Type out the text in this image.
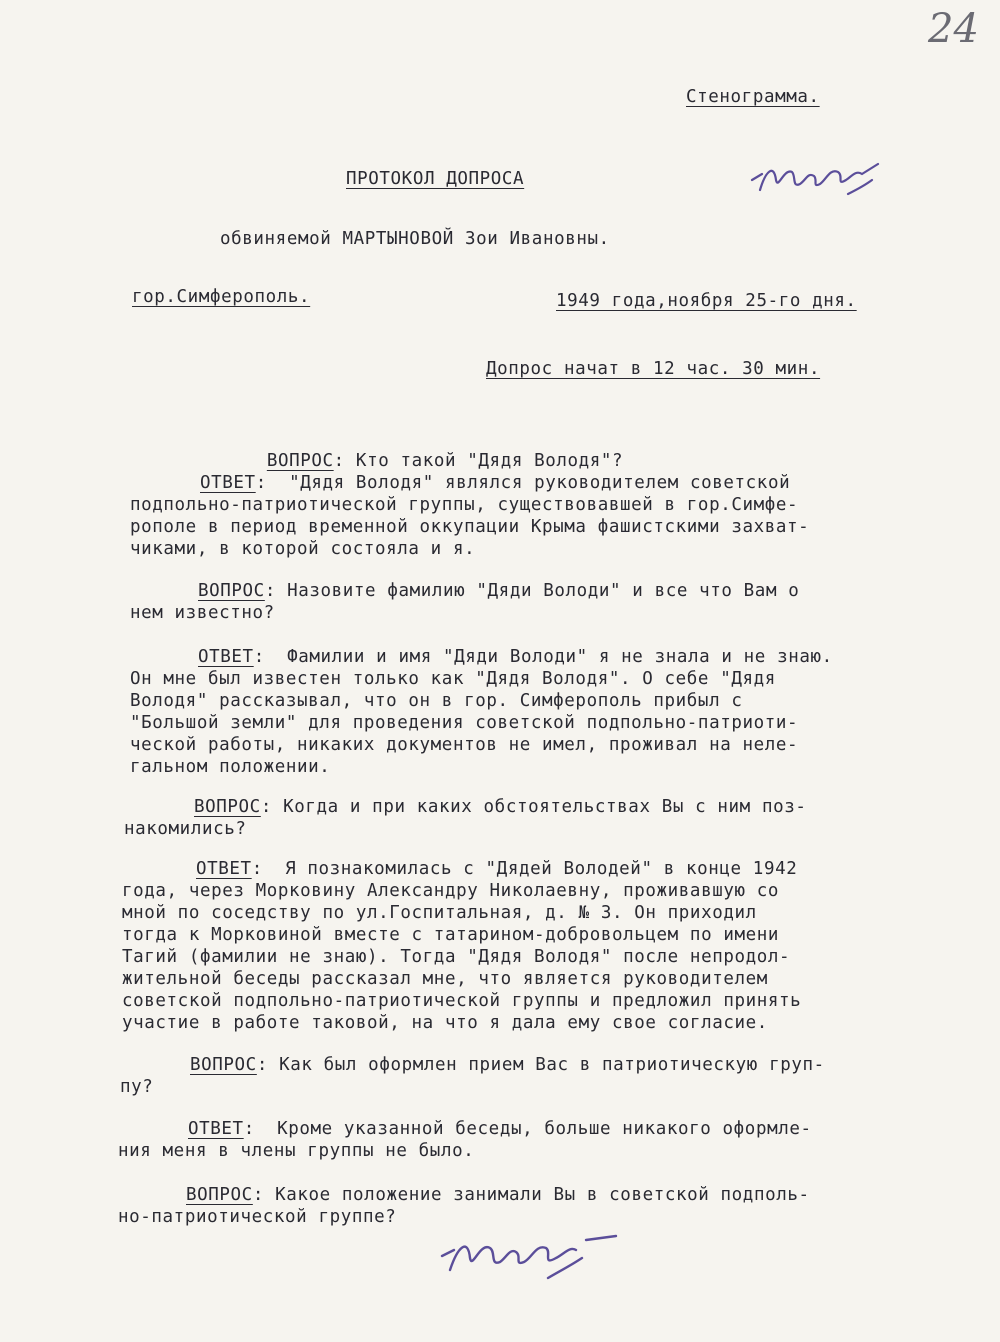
24
Стенограмма.
ПРОТОКОЛ ДОПРОСА
обвиняемой МАРТЫНОВОЙ Зои Ивановны.
гор.Симферополь.	1949 года,ноября 25-го дня.
Допрос начат в 12 час. 30 мин.

ВОПРОС: Кто такой "Дядя Володя"?

ОТВЕТ:  "Дядя Володя" являлся руководителем советской
подпольно-патриотической группы, существовавшей в гор.Симфе-
рополе в период временной оккупации Крыма фашистскими захват-
чиками, в которой состояла и я.
ВОПРОС: Назовите фамилию "Дяди Володи" и все что Вам о
нем известно?
ОТВЕТ:  Фамилии и имя "Дяди Володи" я не знала и не знаю.
Он мне был известен только как "Дядя Володя". О себе "Дядя
Володя" рассказывал, что он в гор. Симферополь прибыл с
"Большой земли" для проведения советской подпольно-патриоти-
ческой работы, никаких документов не имел, проживал на неле-
гальном положении.
ВОПРОС: Когда и при каких обстоятельствах Вы с ним поз-
накомились?
ОТВЕТ:  Я познакомилась с "Дядей Володей" в конце 1942
года, через Морковину Александру Николаевну, проживавшую со
мной по соседству по ул.Госпитальная, д. № 3. Он приходил
тогда к Морковиной вместе с татарином-добровольцем по имени
Тагий (фамилии не знаю). Тогда "Дядя Володя" после непродол-
жительной беседы рассказал мне, что является руководителем
советской подпольно-патриотической группы и предложил принять
участие в работе таковой, на что я дала ему свое согласие.
ВОПРОС: Как был оформлен прием Вас в патриотическую груп-
пу?
ОТВЕТ:  Кроме указанной беседы, больше никакого оформле-
ния меня в члены группы не было.
ВОПРОС: Какое положение занимали Вы в советской подполь-
но-патриотической группе?
